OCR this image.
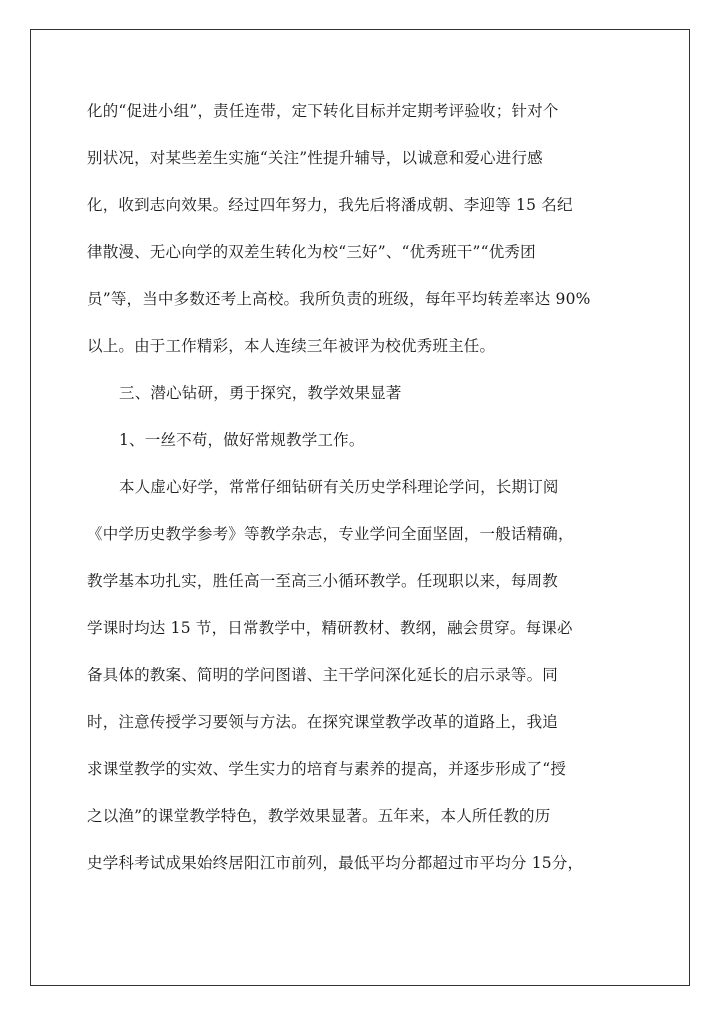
化的“促进小组”，责任连带，定下转化目标并定期考评验收；针对个

别状况，对某些差生实施“关注”性提升辅导，以诚意和爱心进行感

化，收到志向效果。经过四年努力，我先后将潘成朝、李迎等 15 名纪

律散漫、无心向学的双差生转化为校“三好”、“优秀班干”“优秀团

员”等，当中多数还考上高校。我所负责的班级，每年平均转差率达 90%

以上。由于工作精彩，本人连续三年被评为校优秀班主任。

三、潜心钻研，勇于探究，教学效果显著

1、一丝不苟，做好常规教学工作。

本人虚心好学，常常仔细钻研有关历史学科理论学问，长期订阅

《中学历史教学参考》等教学杂志，专业学问全面坚固，一般话精确，

教学基本功扎实，胜任高一至高三小循环教学。任现职以来，每周教

学课时均达 15 节，日常教学中，精研教材、教纲，融会贯穿。每课必

备具体的教案、简明的学问图谱、主干学问深化延长的启示录等。同

时，注意传授学习要领与方法。在探究课堂教学改革的道路上，我追

求课堂教学的实效、学生实力的培育与素养的提高，并逐步形成了“授

之以渔”的课堂教学特色，教学效果显著。五年来，本人所任教的历

史学科考试成果始终居阳江市前列，最低平均分都超过市平均分 15分，
